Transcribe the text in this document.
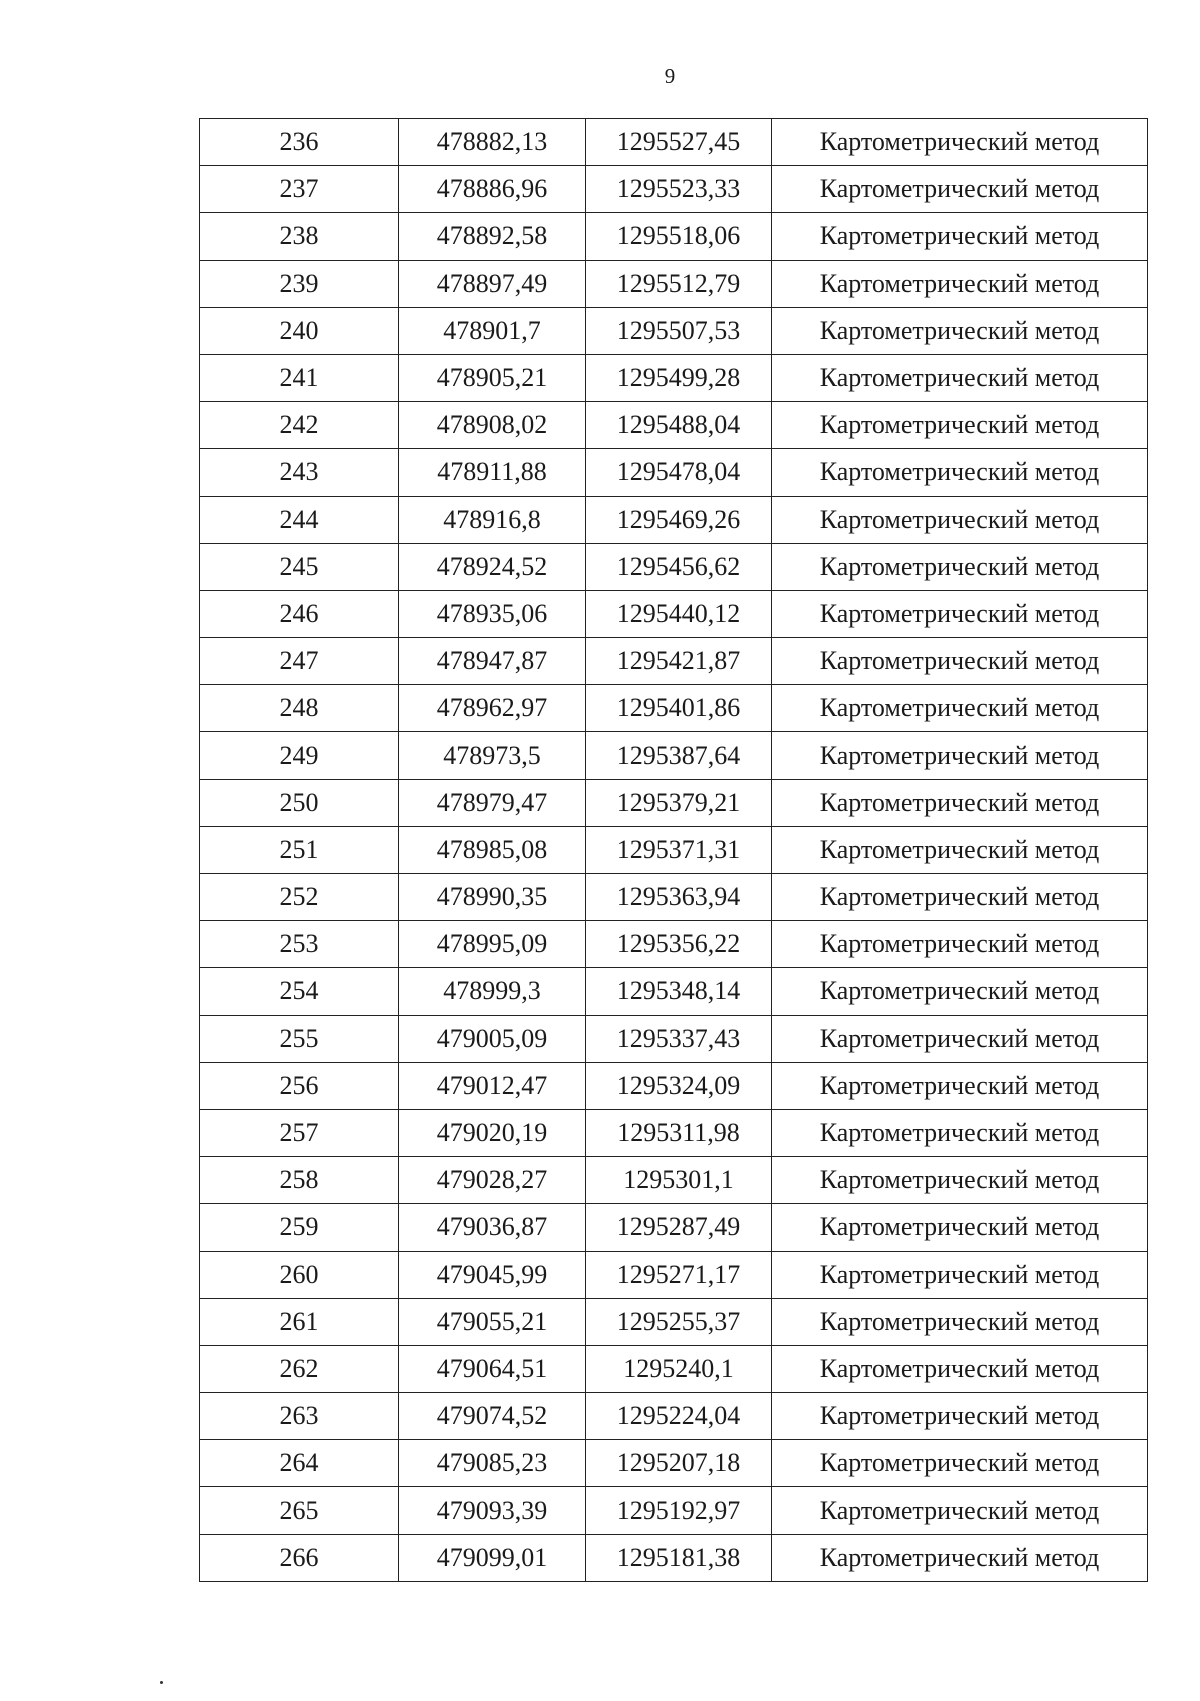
9
236	478882,13	1295527,45	Картометрический метод
237	478886,96	1295523,33	Картометрический метод
238	478892,58	1295518,06	Картометрический метод
239	478897,49	1295512,79	Картометрический метод
240	478901,7	1295507,53	Картометрический метод
241	478905,21	1295499,28	Картометрический метод
242	478908,02	1295488,04	Картометрический метод
243	478911,88	1295478,04	Картометрический метод
244	478916,8	1295469,26	Картометрический метод
245	478924,52	1295456,62	Картометрический метод
246	478935,06	1295440,12	Картометрический метод
247	478947,87	1295421,87	Картометрический метод
248	478962,97	1295401,86	Картометрический метод
249	478973,5	1295387,64	Картометрический метод
250	478979,47	1295379,21	Картометрический метод
251	478985,08	1295371,31	Картометрический метод
252	478990,35	1295363,94	Картометрический метод
253	478995,09	1295356,22	Картометрический метод
254	478999,3	1295348,14	Картометрический метод
255	479005,09	1295337,43	Картометрический метод
256	479012,47	1295324,09	Картометрический метод
257	479020,19	1295311,98	Картометрический метод
258	479028,27	1295301,1	Картометрический метод
259	479036,87	1295287,49	Картометрический метод
260	479045,99	1295271,17	Картометрический метод
261	479055,21	1295255,37	Картометрический метод
262	479064,51	1295240,1	Картометрический метод
263	479074,52	1295224,04	Картометрический метод
264	479085,23	1295207,18	Картометрический метод
265	479093,39	1295192,97	Картометрический метод
266	479099,01	1295181,38	Картометрический метод
